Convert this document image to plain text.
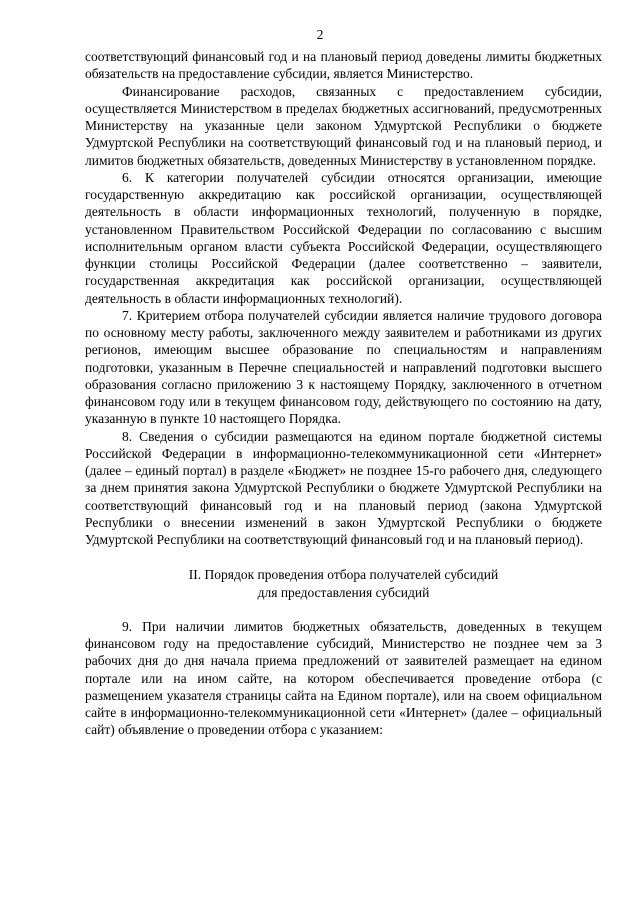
2

соответствующий финансовый год и на плановый период доведены лимиты бюджетных обязательств на предоставление субсидии, является Министерство.

Финансирование расходов, связанных с предоставлением субсидии, осуществляется Министерством в пределах бюджетных ассигнований, предусмотренных Министерству на указанные цели законом Удмуртской Республики о бюджете Удмуртской Республики на соответствующий финансовый год и на плановый период, и лимитов бюджетных обязательств, доведенных Министерству в установленном порядке.

6. К категории получателей субсидии относятся организации, имеющие государственную аккредитацию как российской организации, осуществляющей деятельность в области информационных технологий, полученную в порядке, установленном Правительством Российской Федерации по согласованию с высшим исполнительным органом власти субъекта Российской Федерации, осуществляющего функции столицы Российской Федерации (далее соответственно – заявители, государственная аккредитация как российской организации, осуществляющей деятельность в области информационных технологий).

7. Критерием отбора получателей субсидии является наличие трудового договора по основному месту работы, заключенного между заявителем и работниками из других регионов, имеющим высшее образование по специальностям и направлениям подготовки, указанным в Перечне специальностей и направлений подготовки высшего образования согласно приложению 3 к настоящему Порядку, заключенного в отчетном финансовом году или в текущем финансовом году, действующего по состоянию на дату, указанную в пункте 10 настоящего Порядка.

8. Сведения о субсидии размещаются на едином портале бюджетной системы Российской Федерации в информационно-телекоммуникационной сети «Интернет» (далее – единый портал) в разделе «Бюджет» не позднее 15-го рабочего дня, следующего за днем принятия закона Удмуртской Республики о бюджете Удмуртской Республики на соответствующий финансовый год и на плановый период (закона Удмуртской Республики о внесении изменений в закон Удмуртской Республики о бюджете Удмуртской Республики на соответствующий финансовый год и на плановый период).

II. Порядок проведения отбора получателей субсидий
для предоставления субсидий

9. При наличии лимитов бюджетных обязательств, доведенных в текущем финансовом году на предоставление субсидий, Министерство не позднее чем за 3 рабочих дня до дня начала приема предложений от заявителей размещает на едином портале или на ином сайте, на котором обеспечивается проведение отбора (с размещением указателя страницы сайта на Едином портале), или на своем официальном сайте в информационно-телекоммуникационной сети «Интернет» (далее – официальный сайт) объявление о проведении отбора с указанием:
